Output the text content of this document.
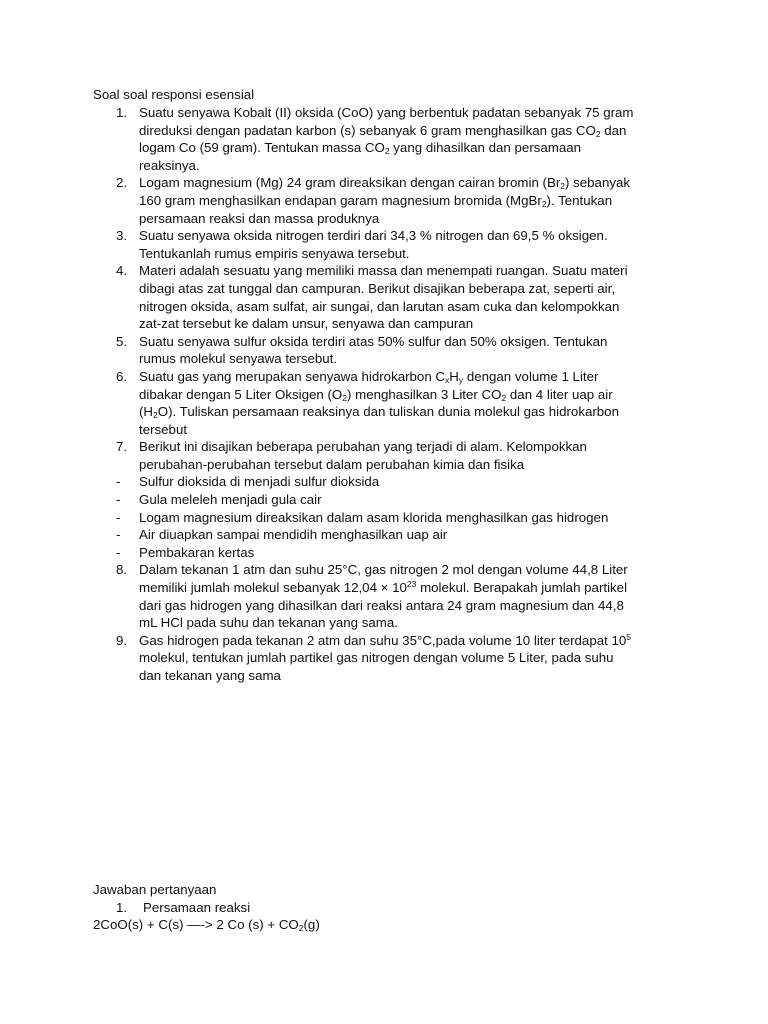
Soal soal responsi esensial
1. Suatu senyawa Kobalt (II) oksida (CoO) yang berbentuk padatan sebanyak 75 gram
direduksi dengan padatan karbon (s) sebanyak 6 gram menghasilkan gas $CO_2$ dan
logam Co (59 gram). Tentukan massa $CO_2$ yang dihasilkan dan persamaan
reaksinya.
2. Logam magnesium (Mg) 24 gram direaksikan dengan cairan bromin $(Br_2)$ sebanyak
160 gram menghasilkan endapan garam magnesium bromida (MgBr$_2$). Tentukan
persamaan reaksi dan massa produknya
3. Suatu senyawa oksida nitrogen terdiri dari 34,3 % nitrogen dan 69,5 % oksigen.
Tentukanlah rumus empiris senyawa tersebut.
4. Materi adalah sesuatu yang memiliki massa dan menempati ruangan. Suatu materi
dibagi atas zat tunggal dan campuran. Berikut disajikan beberapa zat, seperti air,
nitrogen oksida, asam sulfat, air sungai, dan larutan asam cuka dan kelompokkan
zat-zat tersebut ke dalam unsur, senyawa dan campuran
5. Suatu senyawa sulfur oksida terdiri atas 50% sulfur dan 50% oksigen. Tentukan
rumus molekul senyawa tersebut.
6. Suatu gas yang merupakan senyawa hidrokarbon $C_xH_y$ dengan volume 1 Liter
dibakar dengan 5 Liter Oksigen $(O_2)$ menghasilkan 3 Liter $CO_2$ dan 4 liter uap air
$(H_2O)$. Tuliskan persamaan reaksinya dan tuliskan dunia molekul gas hidrokarbon
tersebut
7. Berikut ini disajikan beberapa perubahan yang terjadi di alam. Kelompokkan
perubahan-perubahan tersebut dalam perubahan kimia dan fisika
- Sulfur dioksida di menjadi sulfur dioksida
- Gula meleleh menjadi gula cair
- Logam magnesium direaksikan dalam asam klorida menghasilkan gas hidrogen
- Air diuapkan sampai mendidih menghasilkan uap air
- Pembakaran kertas
8. Dalam tekanan 1 atm dan suhu 25°C, gas nitrogen 2 mol dengan volume 44,8 Liter
memiliki jumlah molekul sebanyak $12,04 \times 10^{23}$ molekul. Berapakah jumlah partikel
dari gas hidrogen yang dihasilkan dari reaksi antara 24 gram magnesium dan 44,8
mL HCl pada suhu dan tekanan yang sama.
9. Gas hidrogen pada tekanan 2 atm dan suhu 35°C,pada volume 10 liter terdapat $10^5$
molekul, tentukan jumlah partikel gas nitrogen dengan volume 5 Liter, pada suhu
dan tekanan yang sama
Jawaban pertanyaan
1. Persamaan reaksi
2CoO(s) + C(s) —-> 2 Co $(s) + CO_2(g)$
